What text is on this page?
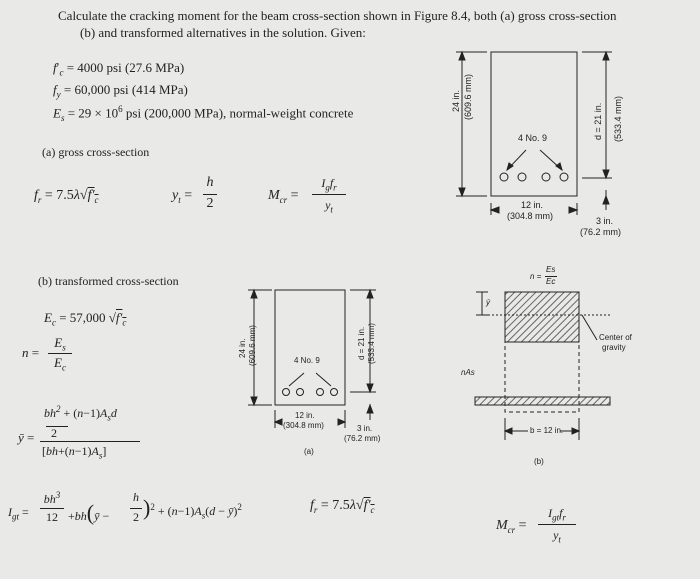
Calculate the cracking moment for the beam cross-section shown in Figure 8.4, both (a) gross cross-section
(b) and transformed alternatives in the solution. Given:
$f'_c = 4000$ psi (27.6 MPa)
$f_y = 60,000$ psi (414 MPa)
$E_s = 29 \times 10^6$ psi (200,000 MPa), normal-weight concrete
(a) gross cross-section
$f_r = 7.5\lambda√f'_c$	$y_t$ =
h
2
$M_{cr}$ =
$I_gf_r$
$y_t$
(b) transformed cross-section
$E_c = 57,000$ $√f'_c$
n =
$E_s$
$E_c$
ȳ =
$bh^2 + (n-1)A_sd$
2
$[bh+(n-1)A_s]$
$I_{gt}$ =
$bh^3$
12 +bh(ȳ −
h
2 )$^2 + (n-1)A_s(d$ − ȳ)$^2$	$f_r = 7.5\lambda√f'_c$
$M_{cr}$ =
$I_{gt}f_r$
$y_t$
24 in. (609.6 mm)
d = 21 in. (533.4 mm)
4 No. 9
12 in.
(304.8 mm)	3 in.
(76.2 mm)
24 in. (609.6 mm)	d = 21 in. (533.4 mm)
4 No. 9
12 in.
(304.8 mm)	3 in.
(76.2 mm)
(a)
n =
Es
Ec
ȳ
nAs
Center of
gravity
b = 12 in.
(b)
